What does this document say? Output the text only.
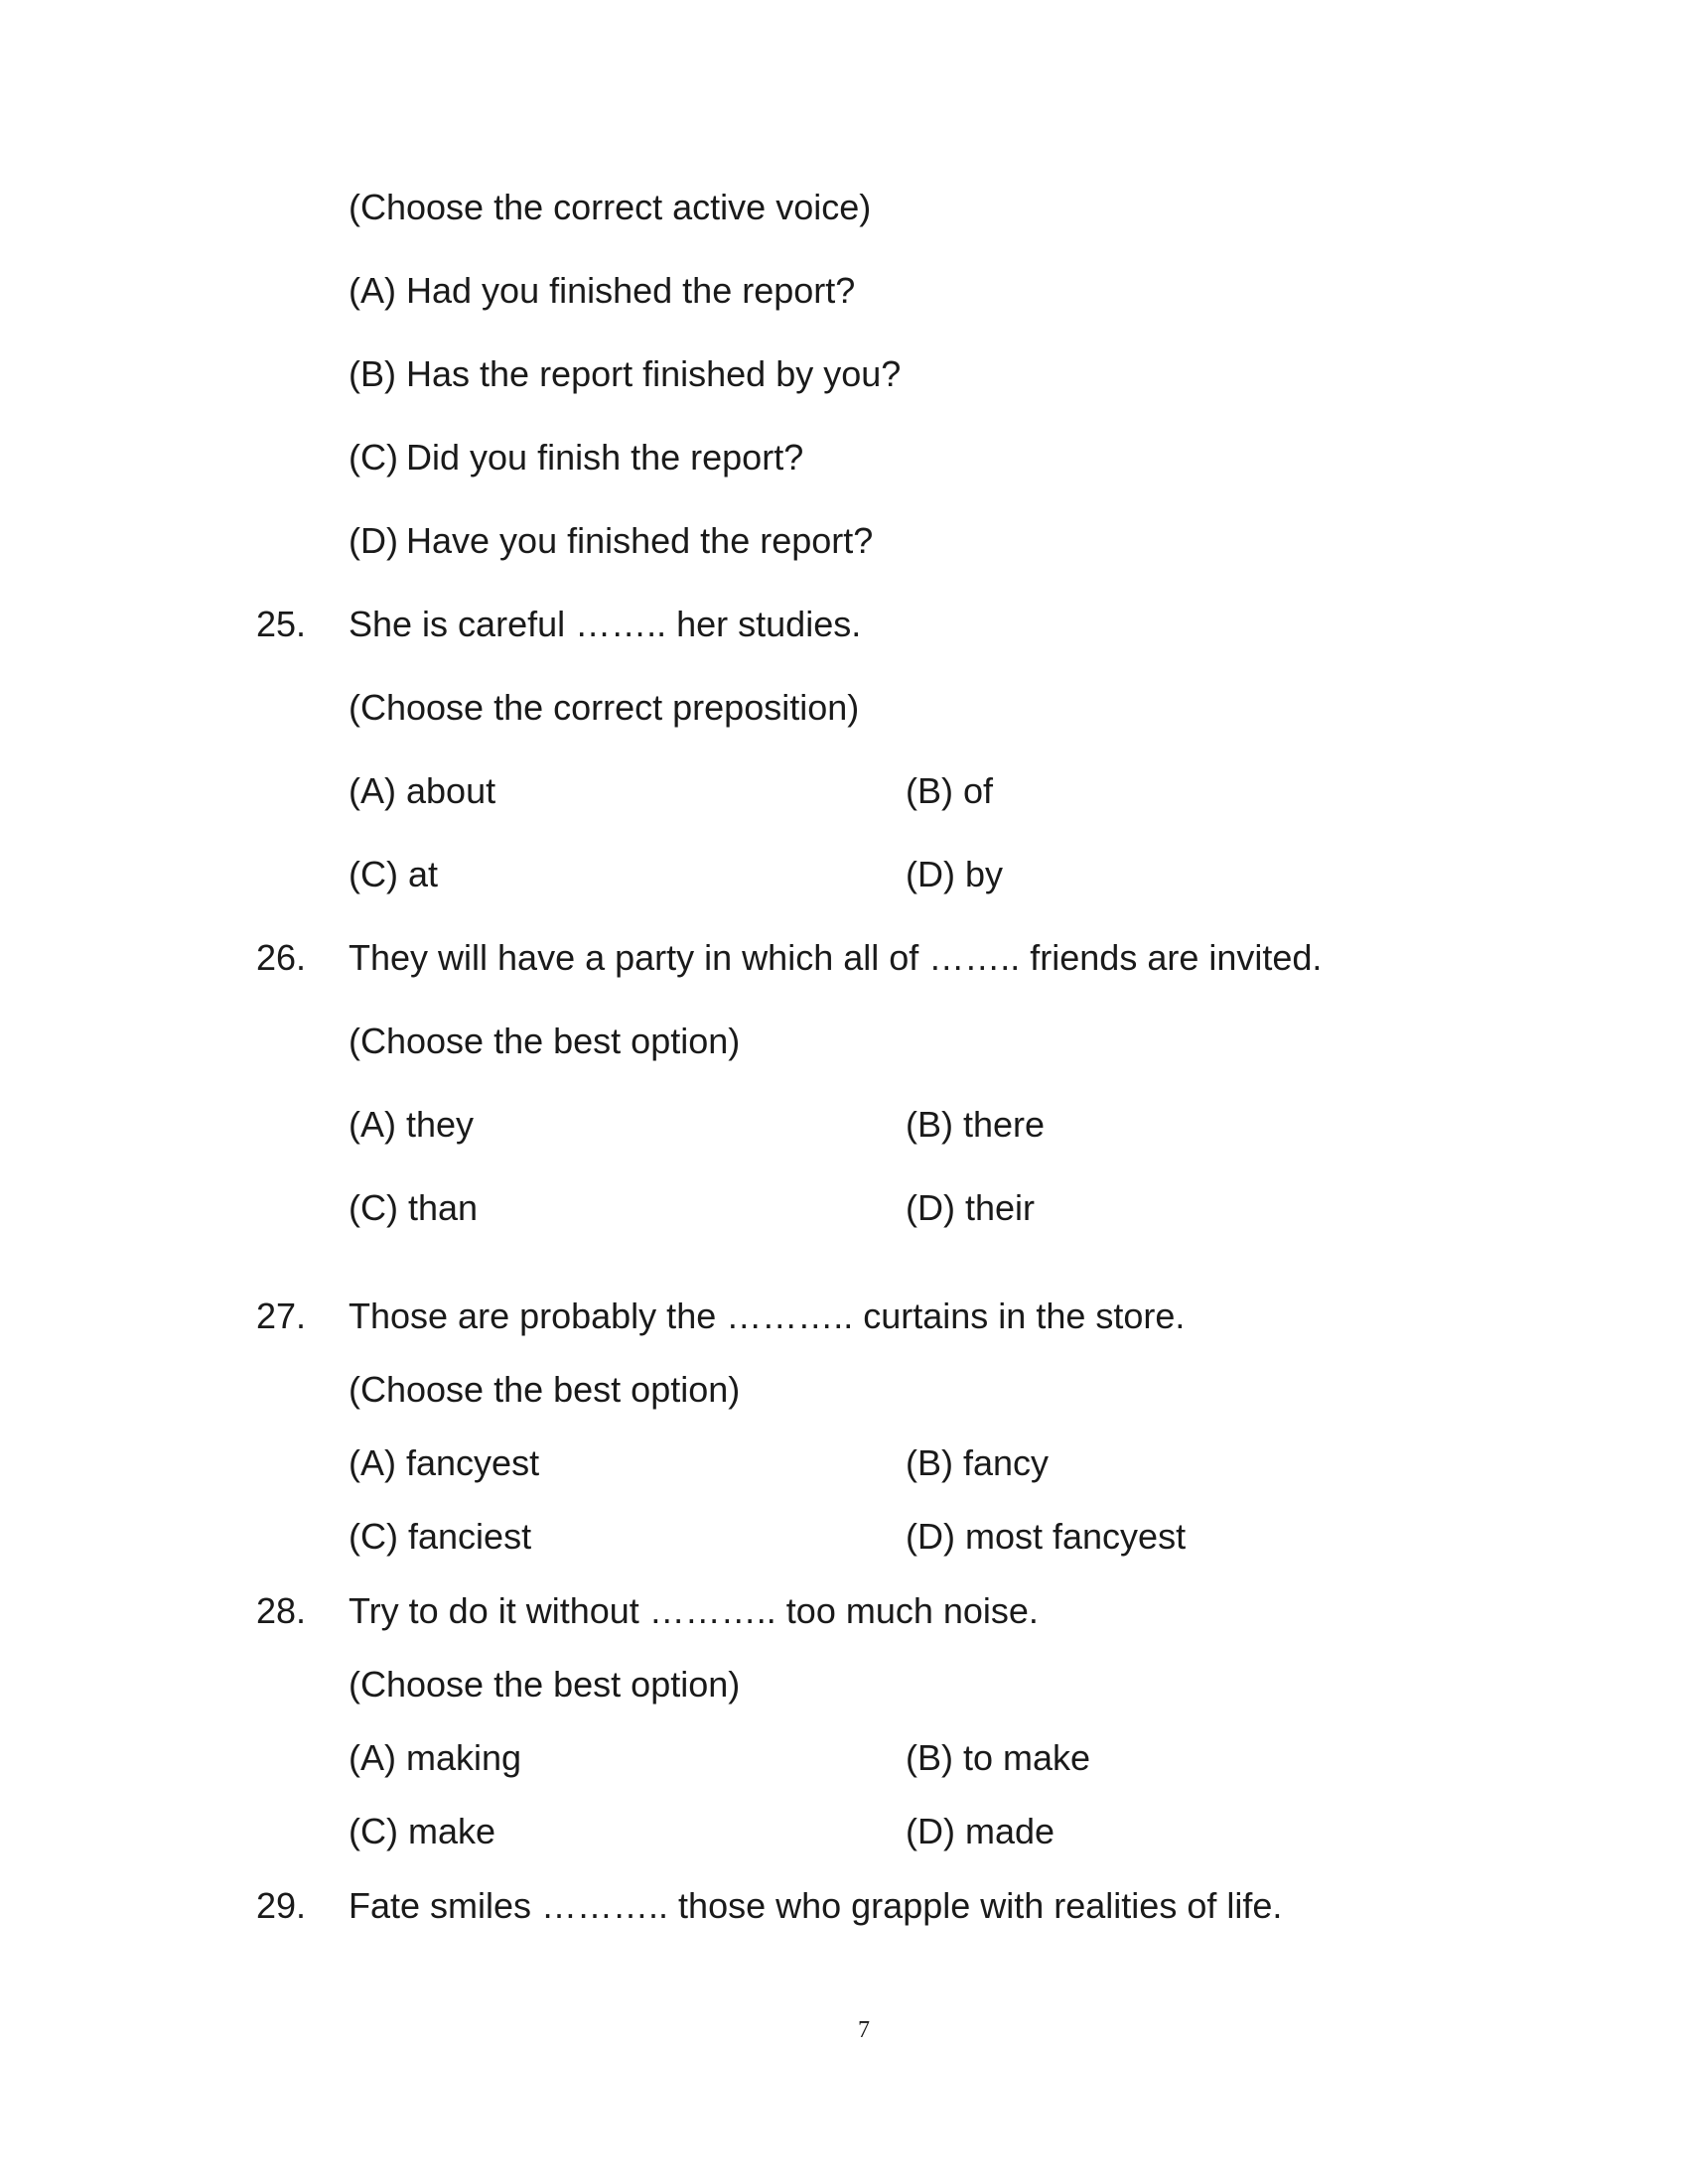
(Choose the correct active voice)
(A) Had you finished the report?
(B) Has the report finished by you?
(C) Did you finish the report?
(D) Have you finished the report?
25. She is careful …….. her studies.
(Choose the correct preposition)
(A) about	(B) of
(C) at	(D) by
26. They will have a party in which all of …….. friends are invited.
(Choose the best option)
(A) they	(B) there
(C) than	(D) their
27. Those are probably the ……….. curtains in the store.
(Choose the best option)
(A) fancyest	(B) fancy
(C) fanciest	(D) most fancyest
28. Try to do it without ……….. too much noise.
(Choose the best option)
(A) making	(B) to make
(C) make	(D) made
29. Fate smiles ……….. those who grapple with realities of life.
7
